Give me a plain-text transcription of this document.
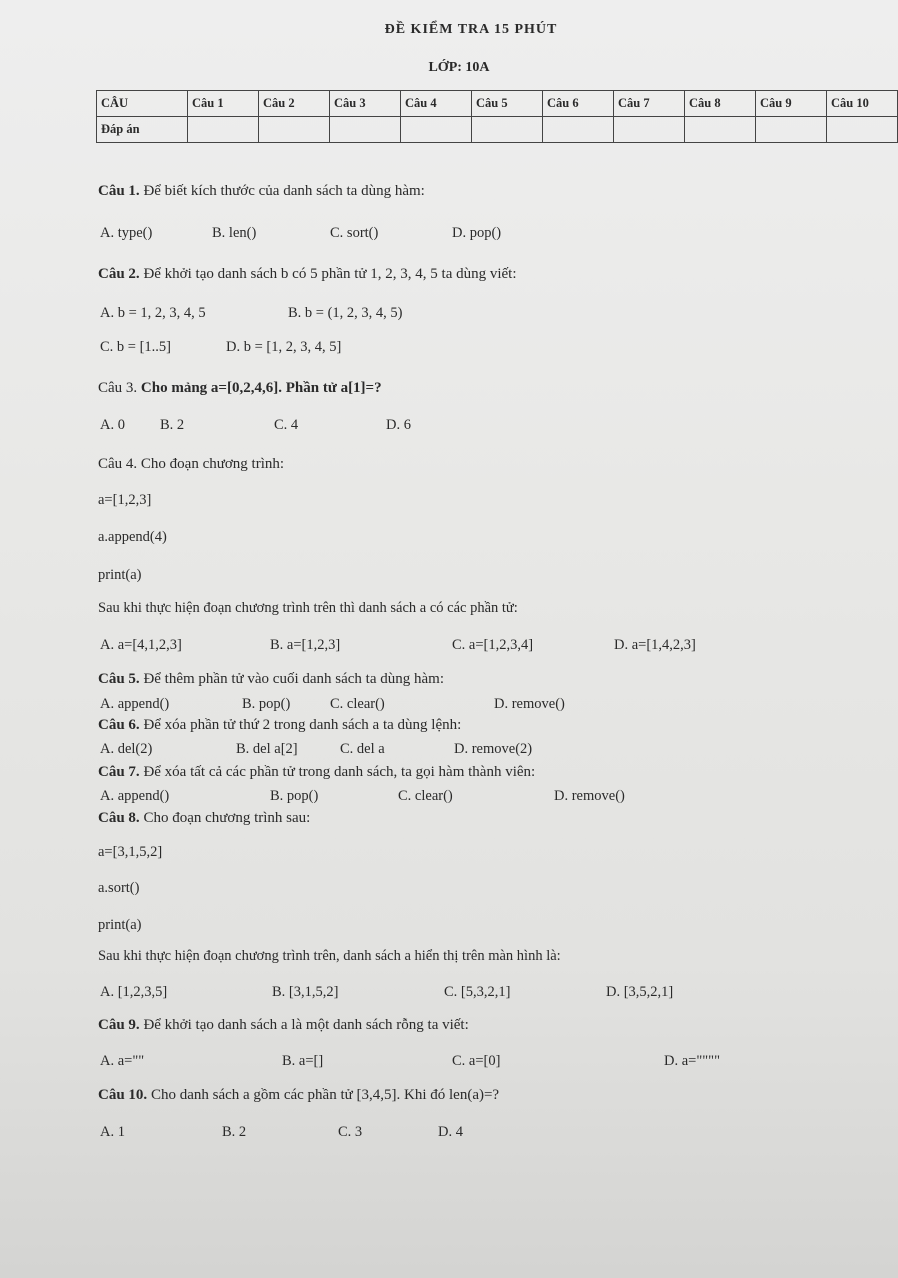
ĐỀ KIỂM TRA 15 PHÚT
LỚP: 10A
CÂU	Câu 1	Câu 2	Câu 3	Câu 4	Câu 5	Câu 6	Câu 7	Câu 8	Câu 9	Câu 10
Đáp án										
Câu 1. Để biết kích thước của danh sách ta dùng hàm:
A. type()	B. len()	C. sort()	D. pop()
Câu 2. Để khởi tạo danh sách b có 5 phần tử 1, 2, 3, 4, 5 ta dùng viết:
A. b = 1, 2, 3, 4, 5	B. b = (1, 2, 3, 4, 5)
C. b = [1..5]	D. b = [1, 2, 3, 4, 5]
Câu 3. Cho mảng a=[0,2,4,6]. Phần tử a[1]=?
A. 0 B. 2	C. 4	D. 6
Câu 4. Cho đoạn chương trình:
a=[1,2,3]
a.append(4)
print(a)
Sau khi thực hiện đoạn chương trình trên thì danh sách a có các phần tử:
A. a=[4,1,2,3]	B. a=[1,2,3]	C. a=[1,2,3,4]	D. a=[1,4,2,3]
Câu 5. Để thêm phần tử vào cuối danh sách ta dùng hàm:
A. append()	B. pop()	C. clear()	D. remove()
Câu 6. Để xóa phần tử thứ 2 trong danh sách a ta dùng lệnh:
A. del(2)	B. del a[2]	C. del a	D. remove(2)
Câu 7. Để xóa tất cả các phần tử trong danh sách, ta gọi hàm thành viên:
A. append()	B. pop()	C. clear()	D. remove()
Câu 8. Cho đoạn chương trình sau:
a=[3,1,5,2]
a.sort()
print(a)
Sau khi thực hiện đoạn chương trình trên, danh sách a hiển thị trên màn hình là:
A. [1,2,3,5]	B. [3,1,5,2]	C. [5,3,2,1]	D. [3,5,2,1]
Câu 9. Để khởi tạo danh sách a là một danh sách rỗng ta viết:
A. a=""	B. a=[]	C. a=[0]	D. a=""""
Câu 10. Cho danh sách a gồm các phần tử [3,4,5]. Khi đó len(a)=?
A. 1	B. 2	C. 3	D. 4
